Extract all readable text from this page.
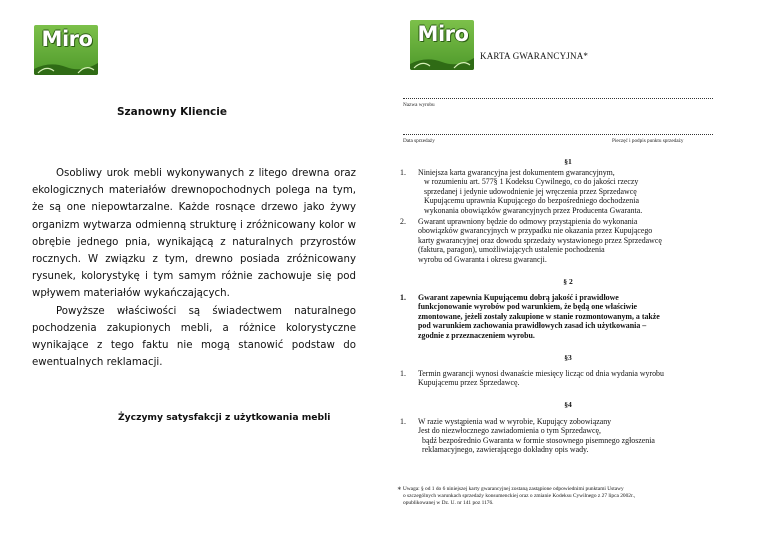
Miro	Miro
Szanowny Kliencie
Osobliwy urok mebli wykonywanych z litego drewna oraz ekologicznych materiałów drewnopochodnych polega na tym, że są one niepowtarzalne. Każde rosnące drzewo jako żywy organizm wytwarza odmienną strukturę i zróżnicowany kolor w obrębie jednego pnia, wynikającą z naturalnych przyrostów rocznych. W związku z tym, drewno posiada zróżnicowany rysunek, kolorystykę i tym samym różnie zachowuje się pod wpływem materiałów wykańczających.
Powyższe właściwości są świadectwem naturalnego pochodzenia zakupionych mebli, a różnice kolorystyczne wynikające z tego faktu nie mogą stanowić podstaw do ewentualnych reklamacji.
Życzymy satysfakcji z użytkowania mebli
KARTA GWARANCYJNA*
Nazwa wyrobu
Data sprzedaży	Pieczęć i podpis punktu sprzedaży
§1
1. Niniejsza karta gwarancyjna jest dokumentem gwarancyjnym,
w rozumieniu art. 577§ 1 Kodeksu Cywilnego, co do jakości rzeczy
sprzedanej i jedynie udowodnienie jej wręczenia przez Sprzedawcę
Kupującemu uprawnia Kupującego do bezpośredniego dochodzenia
wykonania obowiązków gwarancyjnych przez Producenta Gwaranta.
2. Gwarant uprawniony będzie do odmowy przystąpienia do wykonania
obowiązków gwarancyjnych w przypadku nie okazania przez Kupującego
karty gwarancyjnej oraz dowodu sprzedaży wystawionego przez Sprzedawcę
(faktura, paragon), umożliwiających ustalenie pochodzenia
wyrobu od Gwaranta i okresu gwarancji.
§ 2
1. Gwarant zapewnia Kupującemu dobrą jakość i prawidłowe
funkcjonowanie wyrobów pod warunkiem, że będą one właściwie
zmontowane, jeżeli zostały zakupione w stanie rozmontowanym, a także
pod warunkiem zachowania prawidłowych zasad ich użytkowania –
zgodnie z przeznaczeniem wyrobu.
§3
1. Termin gwarancji wynosi dwanaście miesięcy licząc od dnia wydania wyrobu
Kupującemu przez Sprzedawcę.
§4
1. W razie wystąpienia wad w wyrobie, Kupujący zobowiązany
Jest do niezwłocznego zawiadomienia o tym Sprzedawcę,
bądź bezpośrednio Gwaranta w formie stosownego pisemnego zgłoszenia
reklamacyjnego, zawierającego dokładny opis wady.
∗ Uwaga: § od 1 do 6 niniejszej karty gwarancyjnej zostaną zastąpione odpowiednimi punktami Ustawy
o szczególnych warunkach sprzedaży konsumenckiej oraz o zmianie Kodeksu Cywilnego z 27 lipca 2002r.,
opublikowanej w Dz. U. nr 141 poz 1176.
